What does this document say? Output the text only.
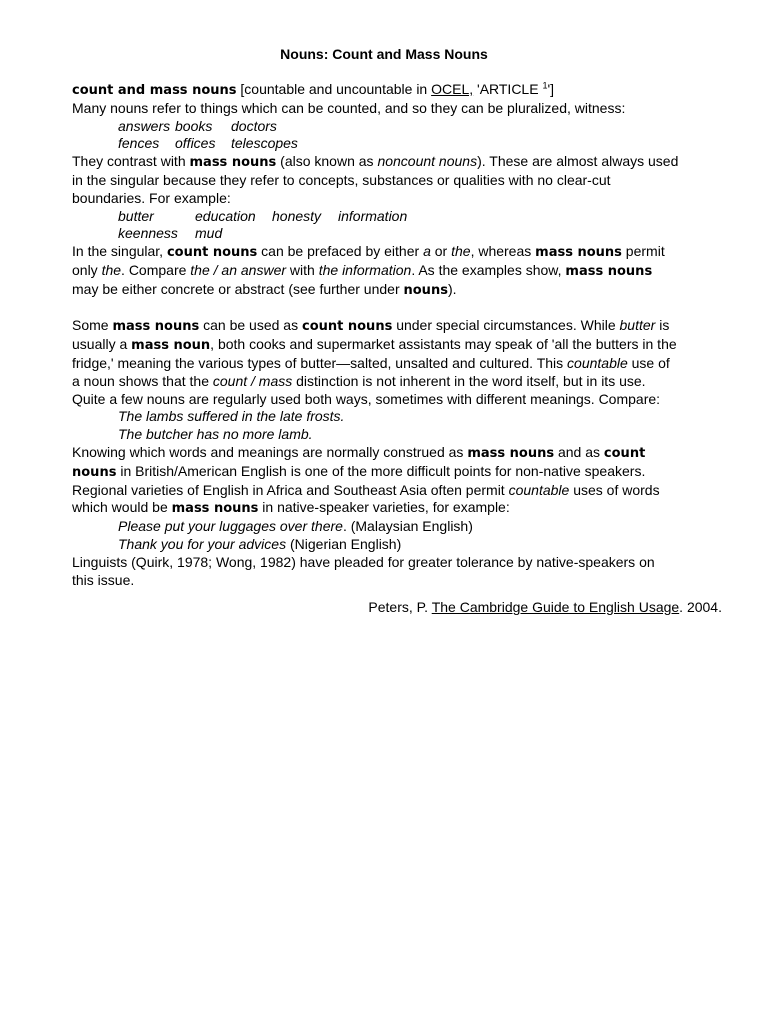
Nouns: Count and Mass Nouns
count and mass nouns [countable and uncountable in OCEL, 'ARTICLE $^1$']
Many nouns refer to things which can be counted, and so they can be pluralized, witness:
answers books doctors
fences offices telescopes
They contrast with mass nouns (also known as noncount nouns). These are almost always used
in the singular because they refer to concepts, substances or qualities with no clear-cut
boundaries. For example:
butter	education honesty information
keenness mud
In the singular, count nouns can be prefaced by either a or the, whereas mass nouns permit
only the. Compare the / an answer with the information. As the examples show, mass nouns
may be either concrete or abstract (see further under nouns).
Some mass nouns can be used as count nouns under special circumstances. While butter is
usually a mass noun, both cooks and supermarket assistants may speak of 'all the butters in the
fridge,' meaning the various types of butter—salted, unsalted and cultured. This countable use of
a noun shows that the count / mass distinction is not inherent in the word itself, but in its use.
Quite a few nouns are regularly used both ways, sometimes with different meanings. Compare:
The lambs suffered in the late frosts.
The butcher has no more lamb.
Knowing which words and meanings are normally construed as mass nouns and as count
nouns in British/American English is one of the more difficult points for non-native speakers.
Regional varieties of English in Africa and Southeast Asia often permit countable uses of words
which would be mass nouns in native-speaker varieties, for example:
Please put your luggages over there. (Malaysian English)
Thank you for your advices (Nigerian English)
Linguists (Quirk, 1978; Wong, 1982) have pleaded for greater tolerance by native-speakers on
this issue.
Peters, P. The Cambridge Guide to English Usage. 2004.
